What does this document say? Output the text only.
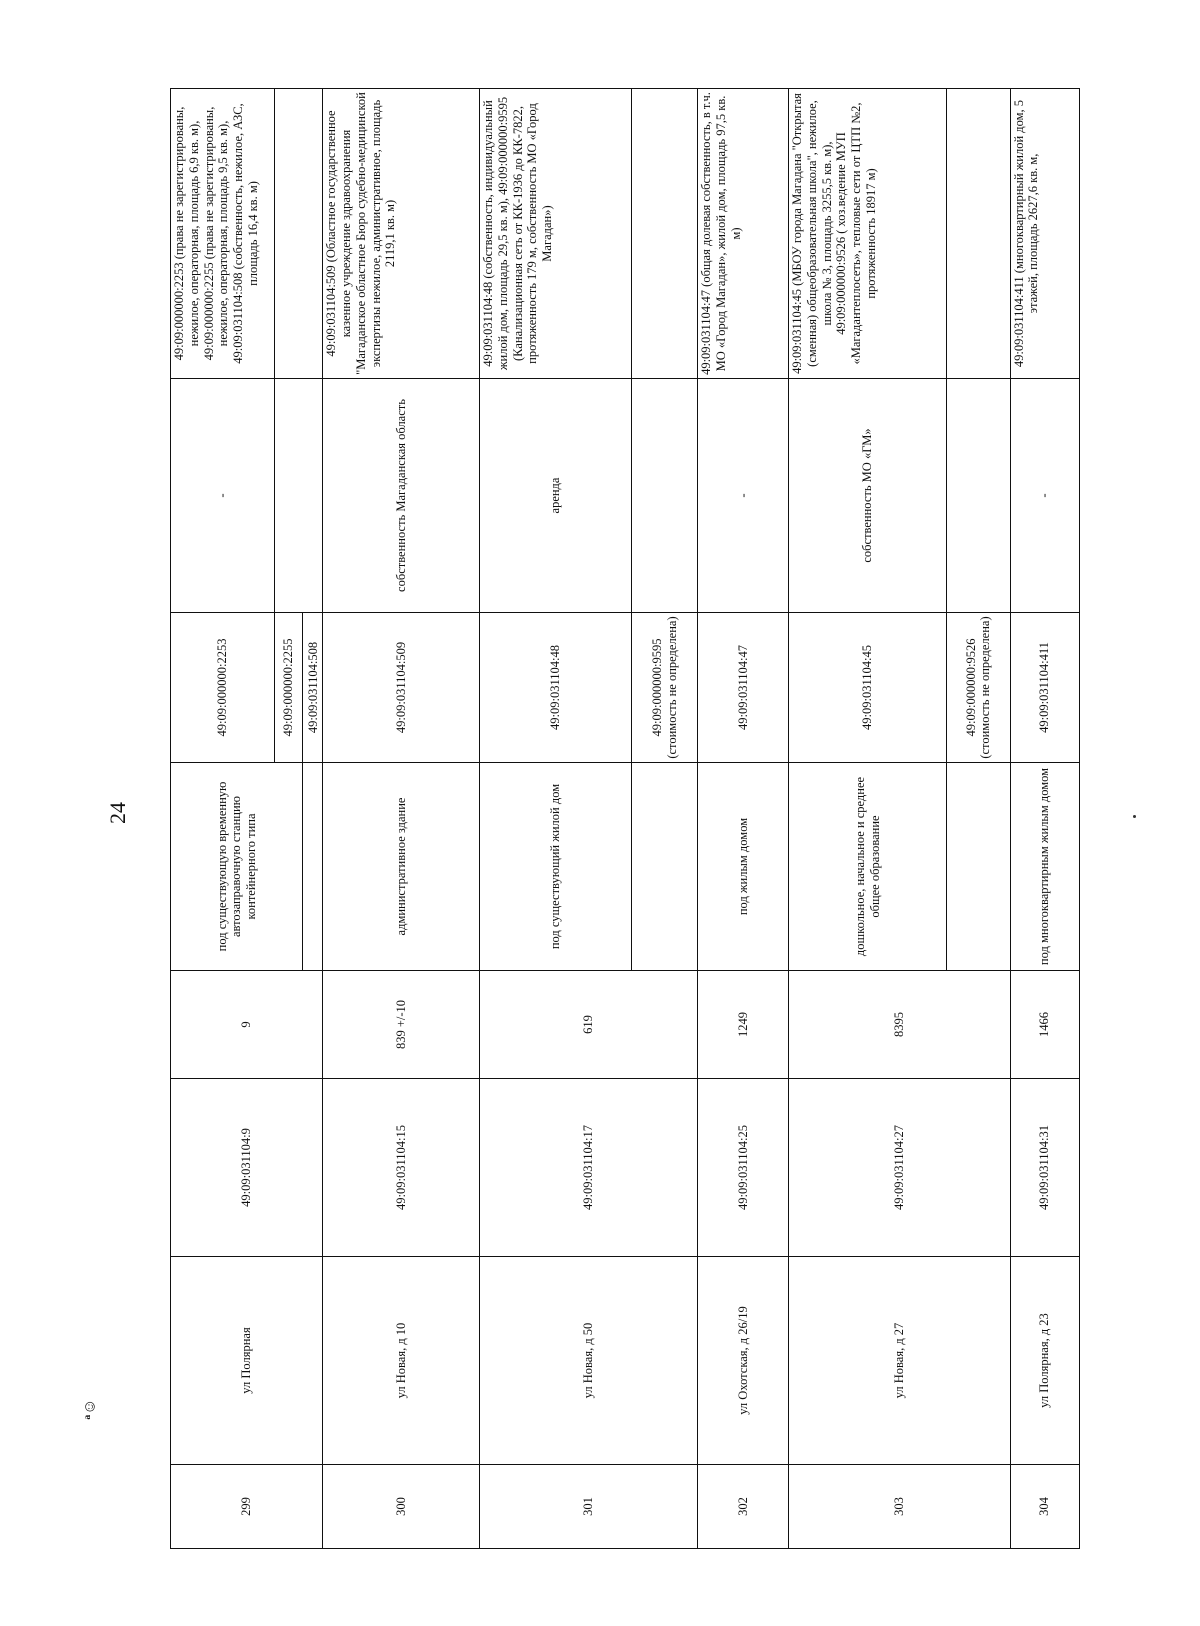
ᵃ☺
24
299	ул Полярная	49:09:031104:9	9	под существующую временную автозаправочную станцию контейнерного типа	49:09:000000:2253	-	49:09:000000:2253 (права не зарегистрированы, нежилое, операторная, площадь 6,9 кв. м), 49:09:000000:2255 (права не зарегистрированы, нежилое, операторная, площадь 9,5 кв. м), 49:09:031104:508 (собственность, нежилое, АЗС, площадь 16,4 кв. м)
					49:09:000000:2255		
					49:09:031104:508		
300	ул Новая, д 10	49:09:031104:15	839 +/-10	административное здание	49:09:031104:509	собственность Магаданская область	49:09:031104:509 (Областное государственное казенное учреждение здравоохранения "Магаданское областное Бюро судебно-медицинской экспертизы нежилое, административное, площадь 2119,1 кв. м)
301	ул Новая, д 50	49:09:031104:17	619	под существующий жилой дом	49:09:031104:48	аренда	49:09:031104:48 (собственность, индивидуальный жилой дом, площадь 29,5 кв. м), 49:09:000000:9595 (Канализационная сеть от КК-1936 до КК-7822, протяженность 179 м, собственность МО «Город Магадан»)
					49:09:000000:9595 (стоимость не определена)		
302	ул Охотская, д 26/19	49:09:031104:25	1249	под жилым домом	49:09:031104:47	-	49:09:031104:47 (общая долевая собственность, в т.ч. МО «Город Магадан», жилой дом, площадь 97,5 кв. м)
303	ул Новая, д 27	49:09:031104:27	8395	дошкольное, начальное и среднее общее образование	49:09:031104:45	собственность МО «ГМ»	49:09:031104:45 (МБОУ города Магадана "Открытая (сменная) общеобразовательная школа", нежилое, школа № 3, площадь 3255,5 кв. м), 49:09:000000:9526 ( хоз.ведение МУП «Магадантеплосеть», тепловые сети от ЦТП №2, протяженность 18917 м)
					49:09:000000:9526 (стоимость не определена)		
304	ул Полярная, д 23	49:09:031104:31	1466	под многоквартирным жилым домом	49:09:031104:411	-	49:09:031104:411 (многоквартирный жилой дом, 5 этажей, площадь 2627,6 кв. м,
